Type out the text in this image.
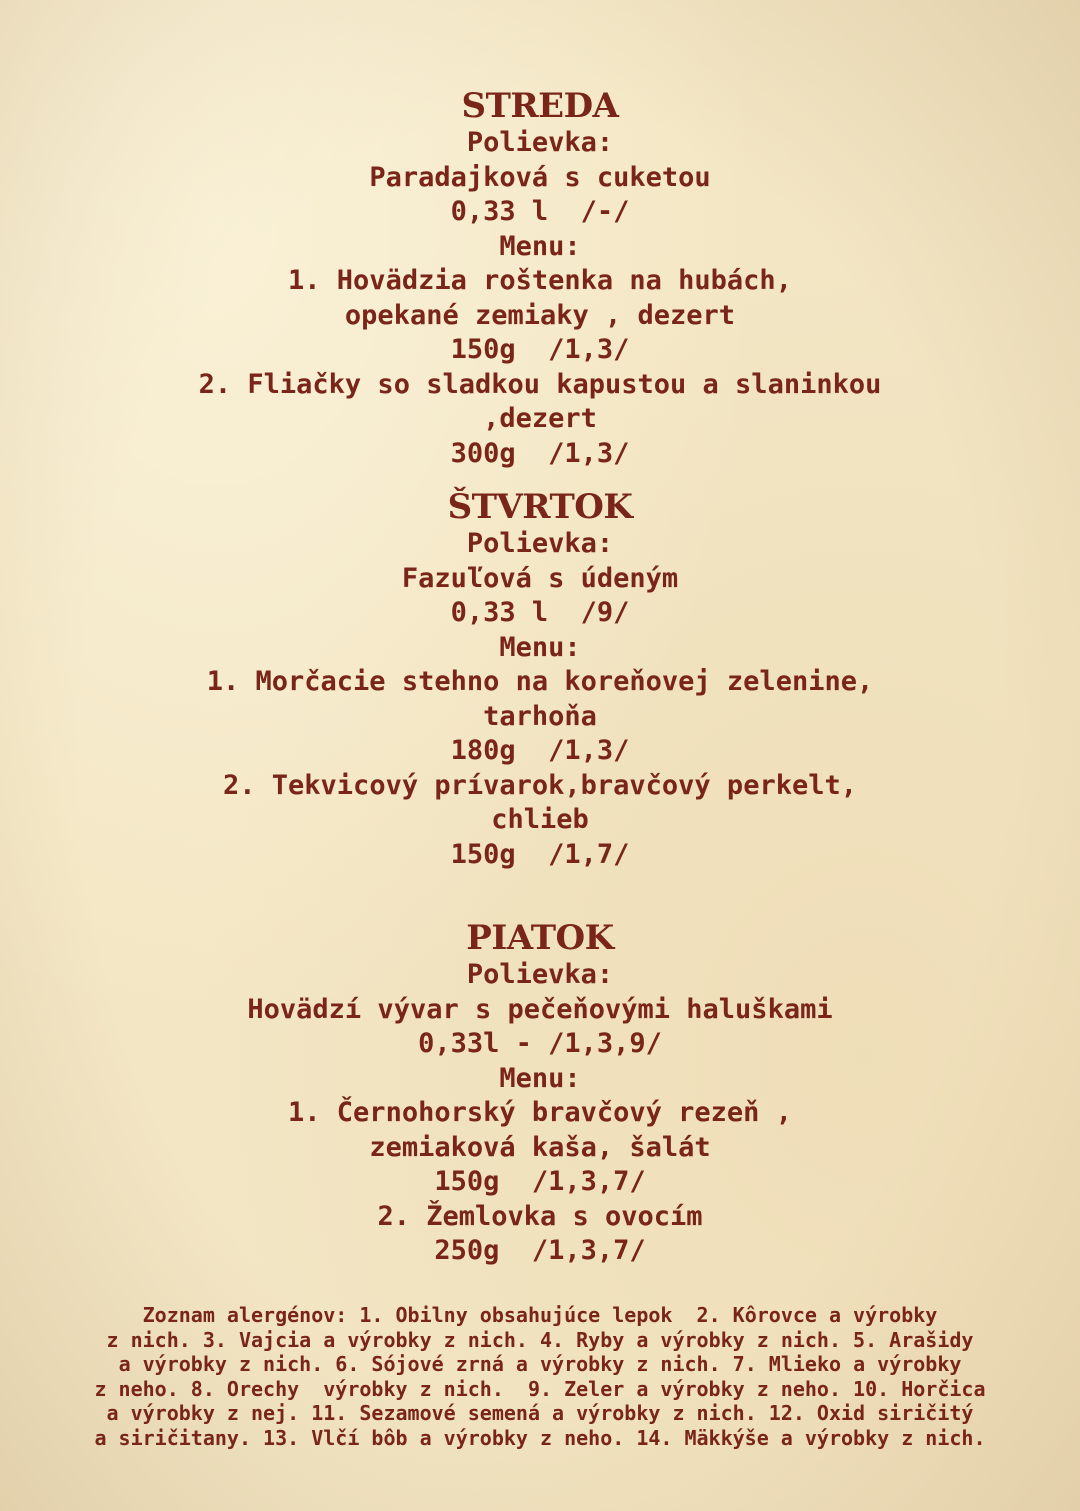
STREDA
Polievka:
Paradajková s cuketou
0,33 l  /-/
Menu:
1. Hovädzia roštenka na hubách,
opekané zemiaky , dezert
150g  /1,3/
2. Fliačky so sladkou kapustou a slaninkou
,dezert
300g  /1,3/
ŠTVRTOK
Polievka:
Fazuľová s údeným
0,33 l  /9/
Menu:
1. Morčacie stehno na koreňovej zelenine,
tarhoňa
180g  /1,3/
2. Tekvicový prívarok,bravčový perkelt,
chlieb
150g  /1,7/
PIATOK
Polievka:
Hovädzí vývar s pečeňovými haluškami
0,33l - /1,3,9/
Menu:
1. Černohorský bravčový rezeň ,
zemiaková kaša, šalát
150g  /1,3,7/
2. Žemlovka s ovocím
250g  /1,3,7/
Zoznam alergénov: 1. Obilny obsahujúce lepok  2. Kôrovce a výrobky
z nich. 3. Vajcia a výrobky z nich. 4. Ryby a výrobky z nich. 5. Arašidy
a výrobky z nich. 6. Sójové zrná a výrobky z nich. 7. Mlieko a výrobky
z neho. 8. Orechy  výrobky z nich.  9. Zeler a výrobky z neho. 10. Horčica
a výrobky z nej. 11. Sezamové semená a výrobky z nich. 12. Oxid siričitý
a siričitany. 13. Vlčí bôb a výrobky z neho. 14. Mäkkýše a výrobky z nich.
